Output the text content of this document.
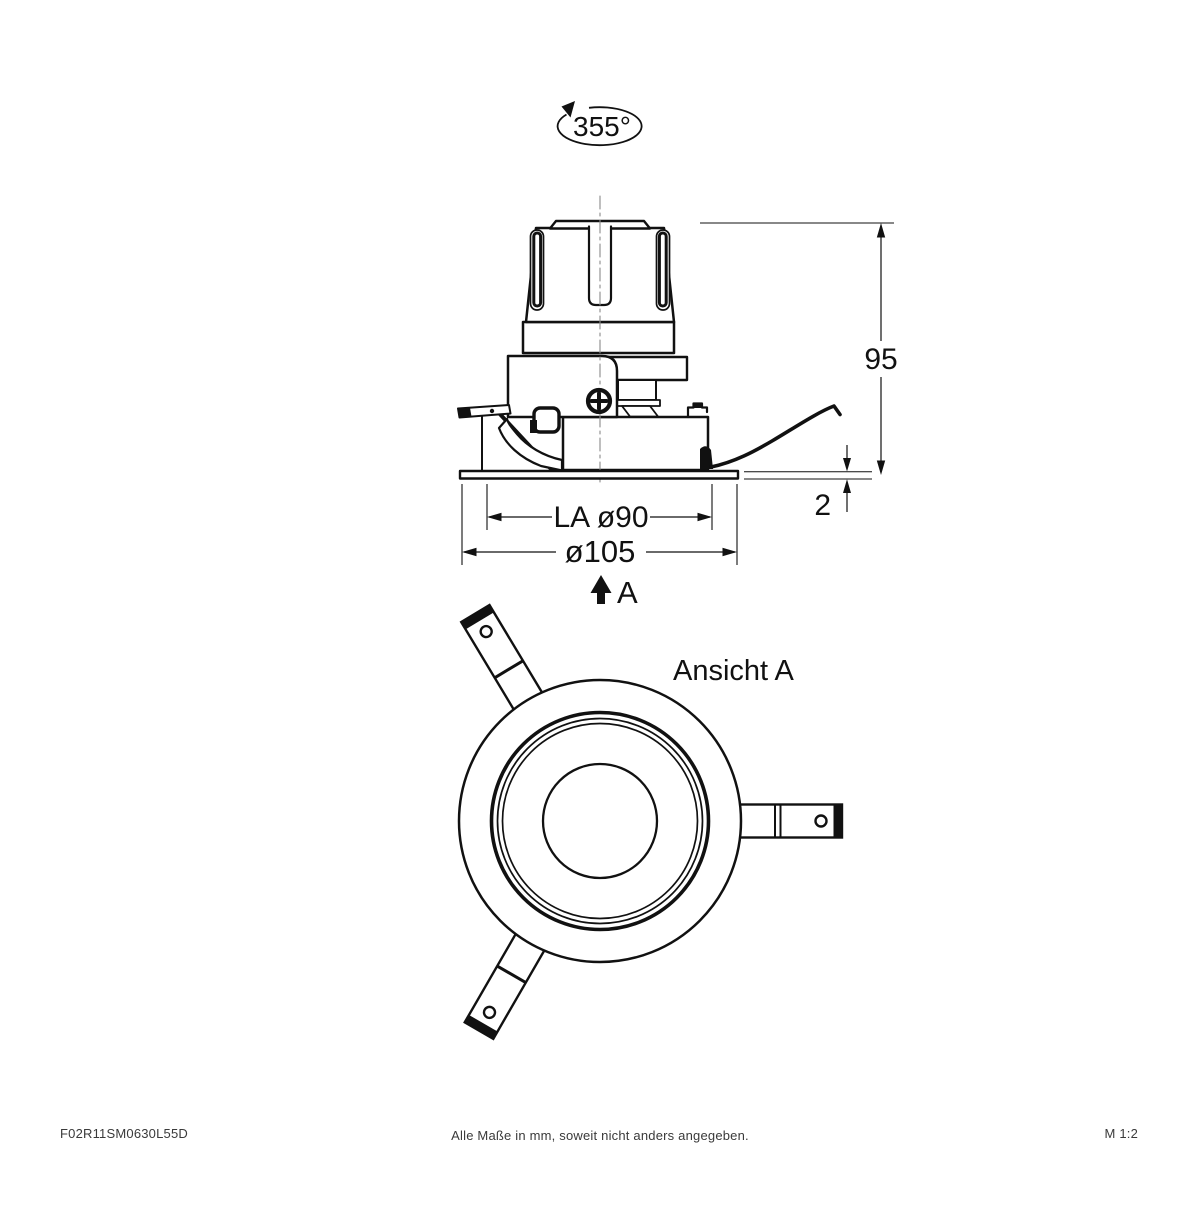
355°
95
2
LA ø90
ø105
A
Ansicht A
F02R11SM0630L55D	Alle Maße in mm, soweit nicht anders angegeben.	M 1:2
